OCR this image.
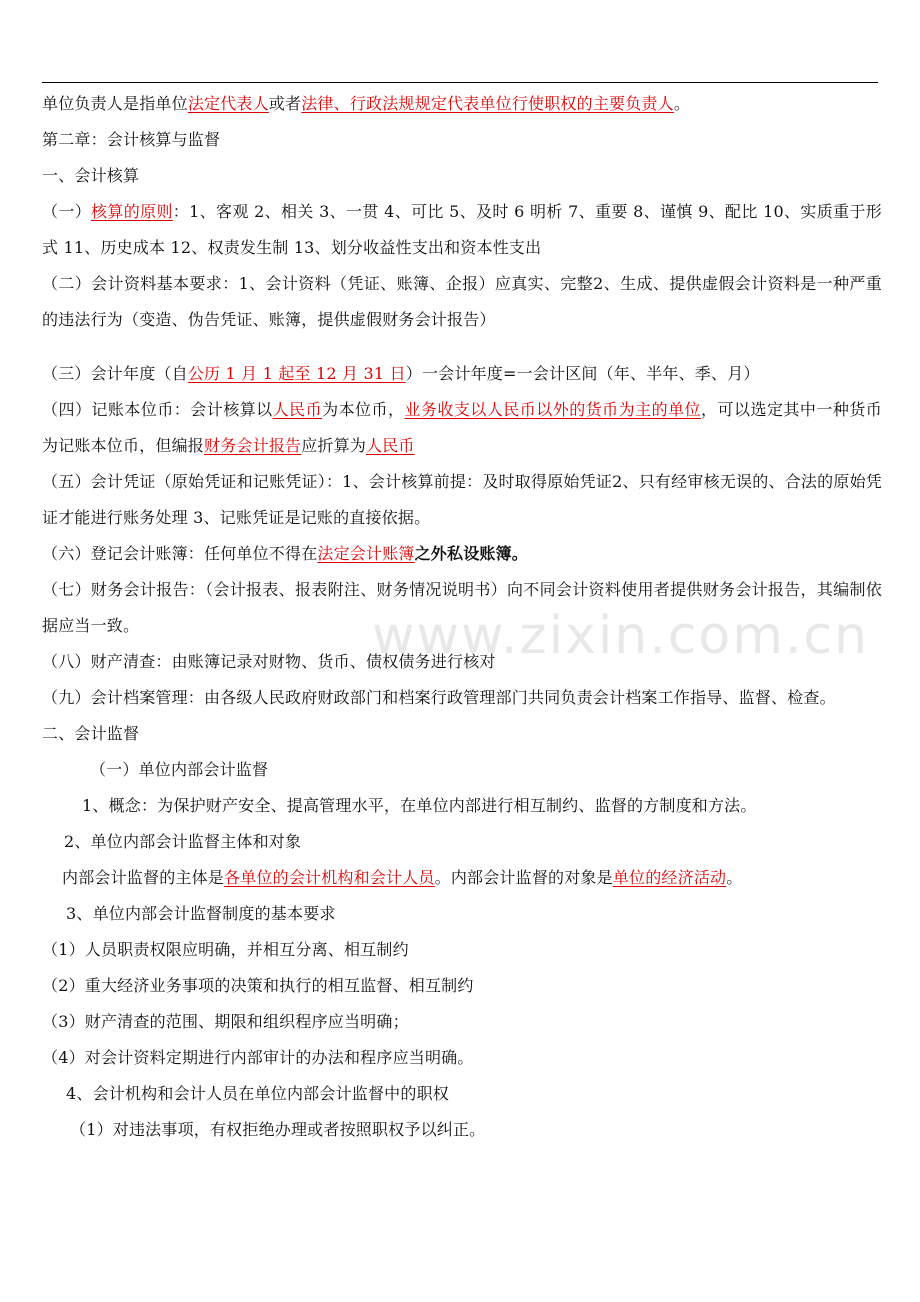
www.zixin.com.cn

单位负责人是指单位法定代表人或者法律、行政法规规定代表单位行使职权的主要负责人。

第二章：会计核算与监督

一、会计核算

（一）核算的原则：1、客观 2、相关 3、一贯 4、可比 5、及时 6 明析 7、重要 8、谨慎 9、配比 10、实质重于形式 11、历史成本 12、权责发生制 13、划分收益性支出和资本性支出

（二）会计资料基本要求：1、会计资料（凭证、账簿、企报）应真实、完整2、生成、提供虚假会计资料是一种严重的违法行为（变造、伪告凭证、账簿，提供虚假财务会计报告）

（三）会计年度（自公历 1 月 1 起至 12 月 31 日）一会计年度=一会计区间（年、半年、季、月）

（四）记账本位币：会计核算以人民币为本位币，业务收支以人民币以外的货币为主的单位，可以选定其中一种货币为记账本位币，但编报财务会计报告应折算为人民币

（五）会计凭证（原始凭证和记账凭证）：1、会计核算前提：及时取得原始凭证2、只有经审核无误的、合法的原始凭证才能进行账务处理 3、记账凭证是记账的直接依据。

（六）登记会计账簿：任何单位不得在法定会计账簿之外私设账簿。

（七）财务会计报告：（会计报表、报表附注、财务情况说明书）向不同会计资料使用者提供财务会计报告，其编制依据应当一致。

（八）财产清查：由账簿记录对财物、货币、债权债务进行核对

（九）会计档案管理：由各级人民政府财政部门和档案行政管理部门共同负责会计档案工作指导、监督、检查。

二、会计监督

（一）单位内部会计监督

1、概念：为保护财产安全、提高管理水平，在单位内部进行相互制约、监督的方制度和方法。

2、单位内部会计监督主体和对象

内部会计监督的主体是各单位的会计机构和会计人员。内部会计监督的对象是单位的经济活动。

3、单位内部会计监督制度的基本要求

（1）人员职责权限应明确，并相互分离、相互制约

（2）重大经济业务事项的决策和执行的相互监督、相互制约

（3）财产清查的范围、期限和组织程序应当明确；

（4）对会计资料定期进行内部审计的办法和程序应当明确。

4、会计机构和会计人员在单位内部会计监督中的职权

（1）对违法事项，有权拒绝办理或者按照职权予以纠正。
